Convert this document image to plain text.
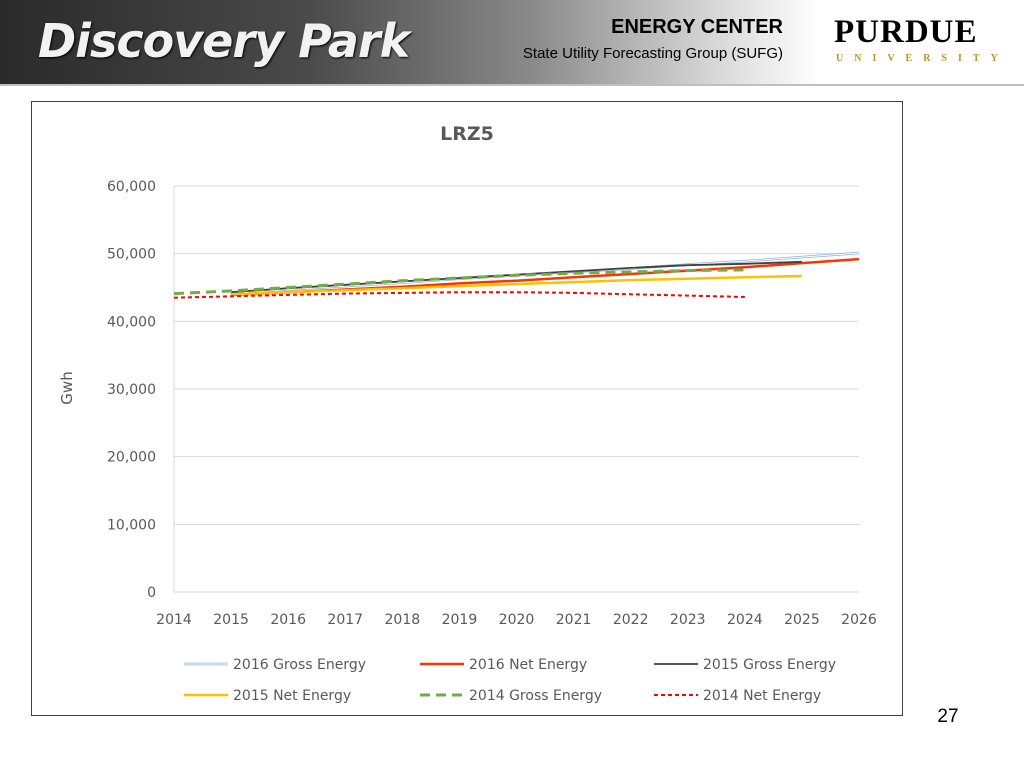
Discovery Park	ENERGY CENTER
State Utility Forecasting Group (SUFG)
PURDUE
UNIVERSITY
LRZ5
Gwh
0
10,000
20,000
30,000
40,000
50,000
60,000
2014 2015 2016 2017 2018 2019 2020 2021 2022 2023 2024 2025 2026
2016 Gross Energy	2016 Net Energy	2015 Gross Energy
2015 Net Energy	2014 Gross Energy	2014 Net Energy
27
